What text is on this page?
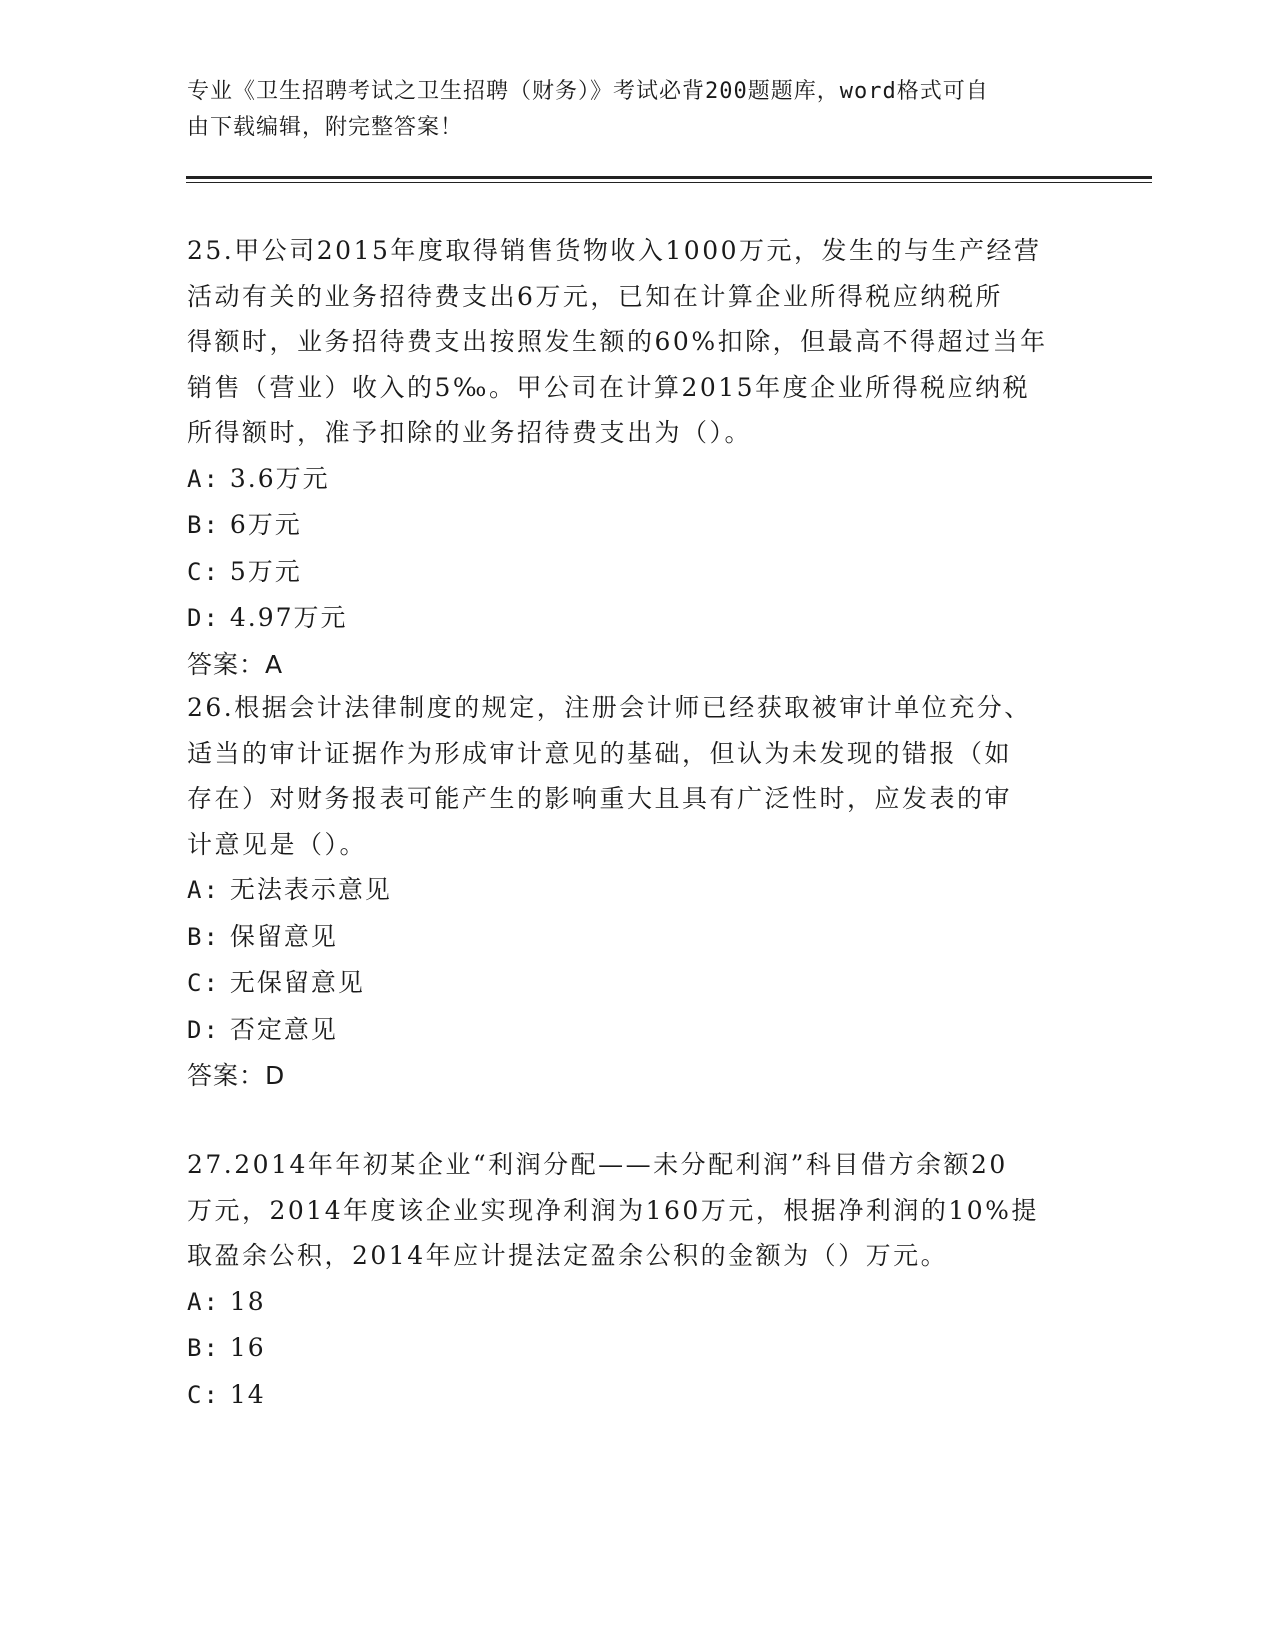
专业《卫生招聘考试之卫生招聘（财务）》考试必背200题题库，word格式可自
由下载编辑，附完整答案！

25.甲公司2015年度取得销售货物收入1000万元，发生的与生产经营

活动有关的业务招待费支出6万元，已知在计算企业所得税应纳税所

得额时，业务招待费支出按照发生额的60%扣除，但最高不得超过当年

销售（营业）收入的5‰。甲公司在计算2015年度企业所得税应纳税

所得额时，准予扣除的业务招待费支出为（）。

A: 3.6万元

B: 6万元

C: 5万元

D: 4.97万元

答案：A

26.根据会计法律制度的规定，注册会计师已经获取被审计单位充分、

适当的审计证据作为形成审计意见的基础，但认为未发现的错报（如

存在）对财务报表可能产生的影响重大且具有广泛性时，应发表的审

计意见是（）。

A: 无法表示意见

B: 保留意见

C: 无保留意见

D: 否定意见

答案：D

27.2014年年初某企业“利润分配——未分配利润”科目借方余额20

万元，2014年度该企业实现净利润为160万元，根据净利润的10%提

取盈余公积，2014年应计提法定盈余公积的金额为（）万元。

A: 18

B: 16

C: 14
